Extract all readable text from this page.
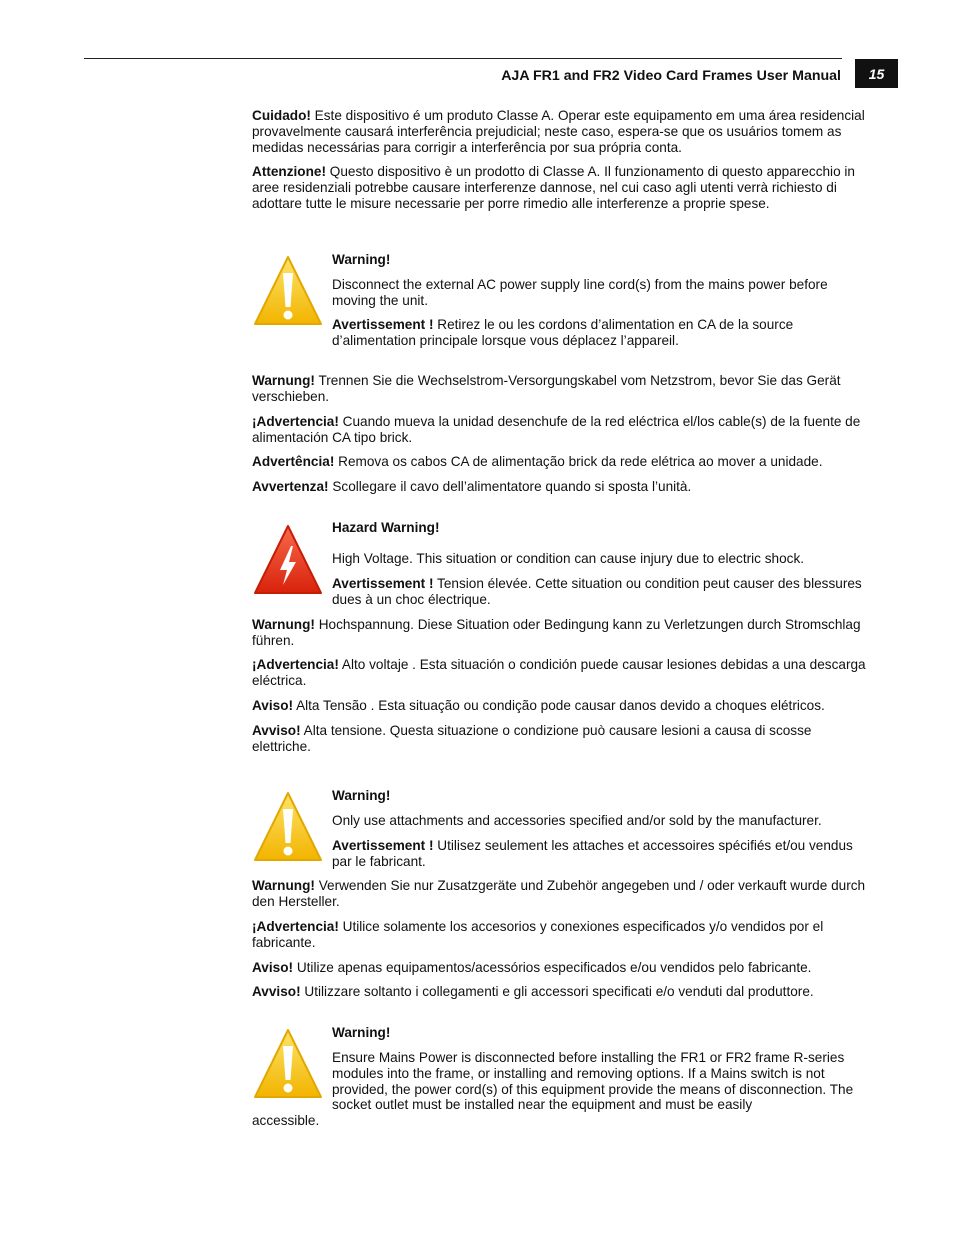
AJA FR1 and FR2 Video Card Frames User Manual	15

Cuidado! Este dispositivo é um produto Classe A. Operar este equipamento em uma área residencial provavelmente causará interferência prejudicial; neste caso, espera-se que os usuários tomem as medidas necessárias para corrigir a interferência por sua própria conta.

Attenzione! Questo dispositivo è un prodotto di Classe A. Il funzionamento di questo apparecchio in aree residenziali potrebbe causare interferenze dannose, nel cui caso agli utenti verrà richiesto di adottare tutte le misure necessarie per porre rimedio alle interferenze a proprie spese.

Warning!

Disconnect the external AC power supply line cord(s) from the mains power before moving the unit.

Avertissement ! Retirez le ou les cordons d’alimentation en CA de la source d’alimentation principale lorsque vous déplacez l’appareil.

Warnung! Trennen Sie die Wechselstrom-Versorgungskabel vom Netzstrom, bevor Sie das Gerät verschieben.

¡Advertencia! Cuando mueva la unidad desenchufe de la red eléctrica el/los cable(s) de la fuente de alimentación CA tipo brick.

Advertência! Remova os cabos CA de alimentação brick da rede elétrica ao mover a unidade.

Avvertenza! Scollegare il cavo dell’alimentatore quando si sposta l’unità.

Hazard Warning!

High Voltage. This situation or condition can cause injury due to electric shock.

Avertissement ! Tension élevée. Cette situation ou condition peut causer des blessures dues à un choc électrique.

Warnung! Hochspannung. Diese Situation oder Bedingung kann zu Verletzungen durch Stromschlag führen.

¡Advertencia! Alto voltaje . Esta situación o condición puede causar lesiones debidas a una descarga eléctrica.

Aviso! Alta Tensão . Esta situação ou condição pode causar danos devido a choques elétricos.

Avviso! Alta tensione. Questa situazione o condizione può causare lesioni a causa di scosse elettriche.

Warning!

Only use attachments and accessories specified and/or sold by the manufacturer.

Avertissement ! Utilisez seulement les attaches et accessoires spécifiés et/ou vendus par le fabricant.

Warnung! Verwenden Sie nur Zusatzgeräte und Zubehör angegeben und / oder verkauft wurde durch den Hersteller.

¡Advertencia! Utilice solamente los accesorios y conexiones especificados y/o vendidos por el fabricante.

Aviso! Utilize apenas equipamentos/acessórios especificados e/ou vendidos pelo fabricante.

Avviso! Utilizzare soltanto i collegamenti e gli accessori specificati e/o venduti dal produttore.

Warning!

Ensure Mains Power is disconnected before installing the FR1 or FR2 frame R-series modules into the frame, or installing and removing options. If a Mains switch is not provided, the power cord(s) of this equipment provide the means of disconnection. The socket outlet must be installed near the equipment and must be easily

accessible.
